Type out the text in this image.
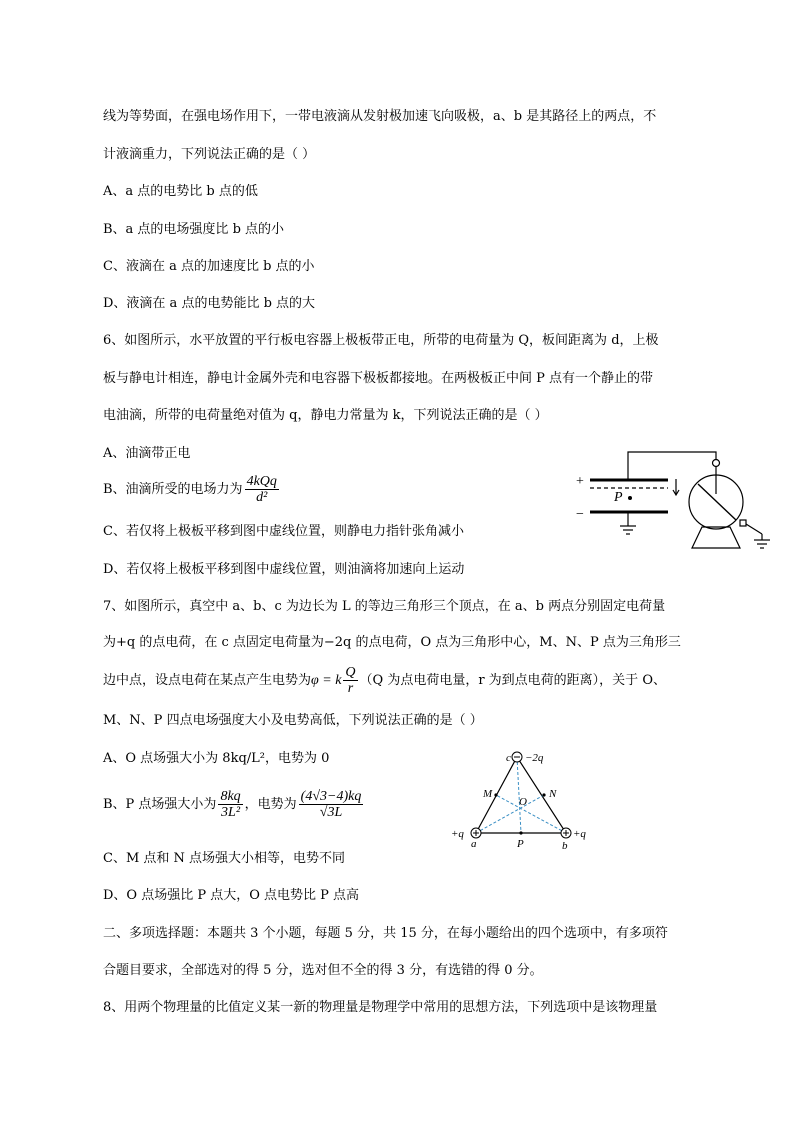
线为等势面，在强电场作用下，一带电液滴从发射极加速飞向吸极，a、b 是其路径上的两点，不
计液滴重力，下列说法正确的是（ ）
A、a 点的电势比 b 点的低
B、a 点的电场强度比 b 点的小
C、液滴在 a 点的加速度比 b 点的小
D、液滴在 a 点的电势能比 b 点的大
6、如图所示，水平放置的平行板电容器上极板带正电，所带的电荷量为 Q，板间距离为 d，上极
板与静电计相连，静电计金属外壳和电容器下极板都接地。在两极板正中间 P 点有一个静止的带
电油滴，所带的电荷量绝对值为 q，静电力常量为 k，下列说法正确的是（ ）
A、油滴带正电
B、油滴所受的电场力为 $\frac{\text{4kQq}}{\text{d²}}$
C、若仅将上极板平移到图中虚线位置，则静电力指针张角减小
D、若仅将上极板平移到图中虚线位置，则油滴将加速向上运动
+
−
P
7、如图所示，真空中 a、b、c 为边长为 L 的等边三角形三个顶点，在 a、b 两点分别固定电荷量
为+q 的点电荷，在 c 点固定电荷量为−2q 的点电荷，O 点为三角形中心，M、N、P 点为三角形三
边中点，设点电荷在某点产生电势为φ = k $\frac{Q}{r} (Q$ 为点电荷电量，r 为到点电荷的距离），关于 O、
M、N、P 四点电场强度大小及电势高低，下列说法正确的是（ ）
A、O 点场强大小为 8kq/L²，电势为 0
B、P 点场强大小为 $\frac{8kq}{\text{3L²}}$ ，电势为 $\frac{(4√3-4)kq}{√3L}$
C、M 点和 N 点场强大小相等，电势不同
D、O 点场强比 P 点大，O 点电势比 P 点高
c −2q
M	N
O
P
a	b
+q	+q
二、多项选择题：本题共 3 个小题，每题 5 分，共 15 分，在每小题给出的四个选项中，有多项符
合题目要求，全部选对的得 5 分，选对但不全的得 3 分，有选错的得 0 分。
8、用两个物理量的比值定义某一新的物理量是物理学中常用的思想方法，下列选项中是该物理量
